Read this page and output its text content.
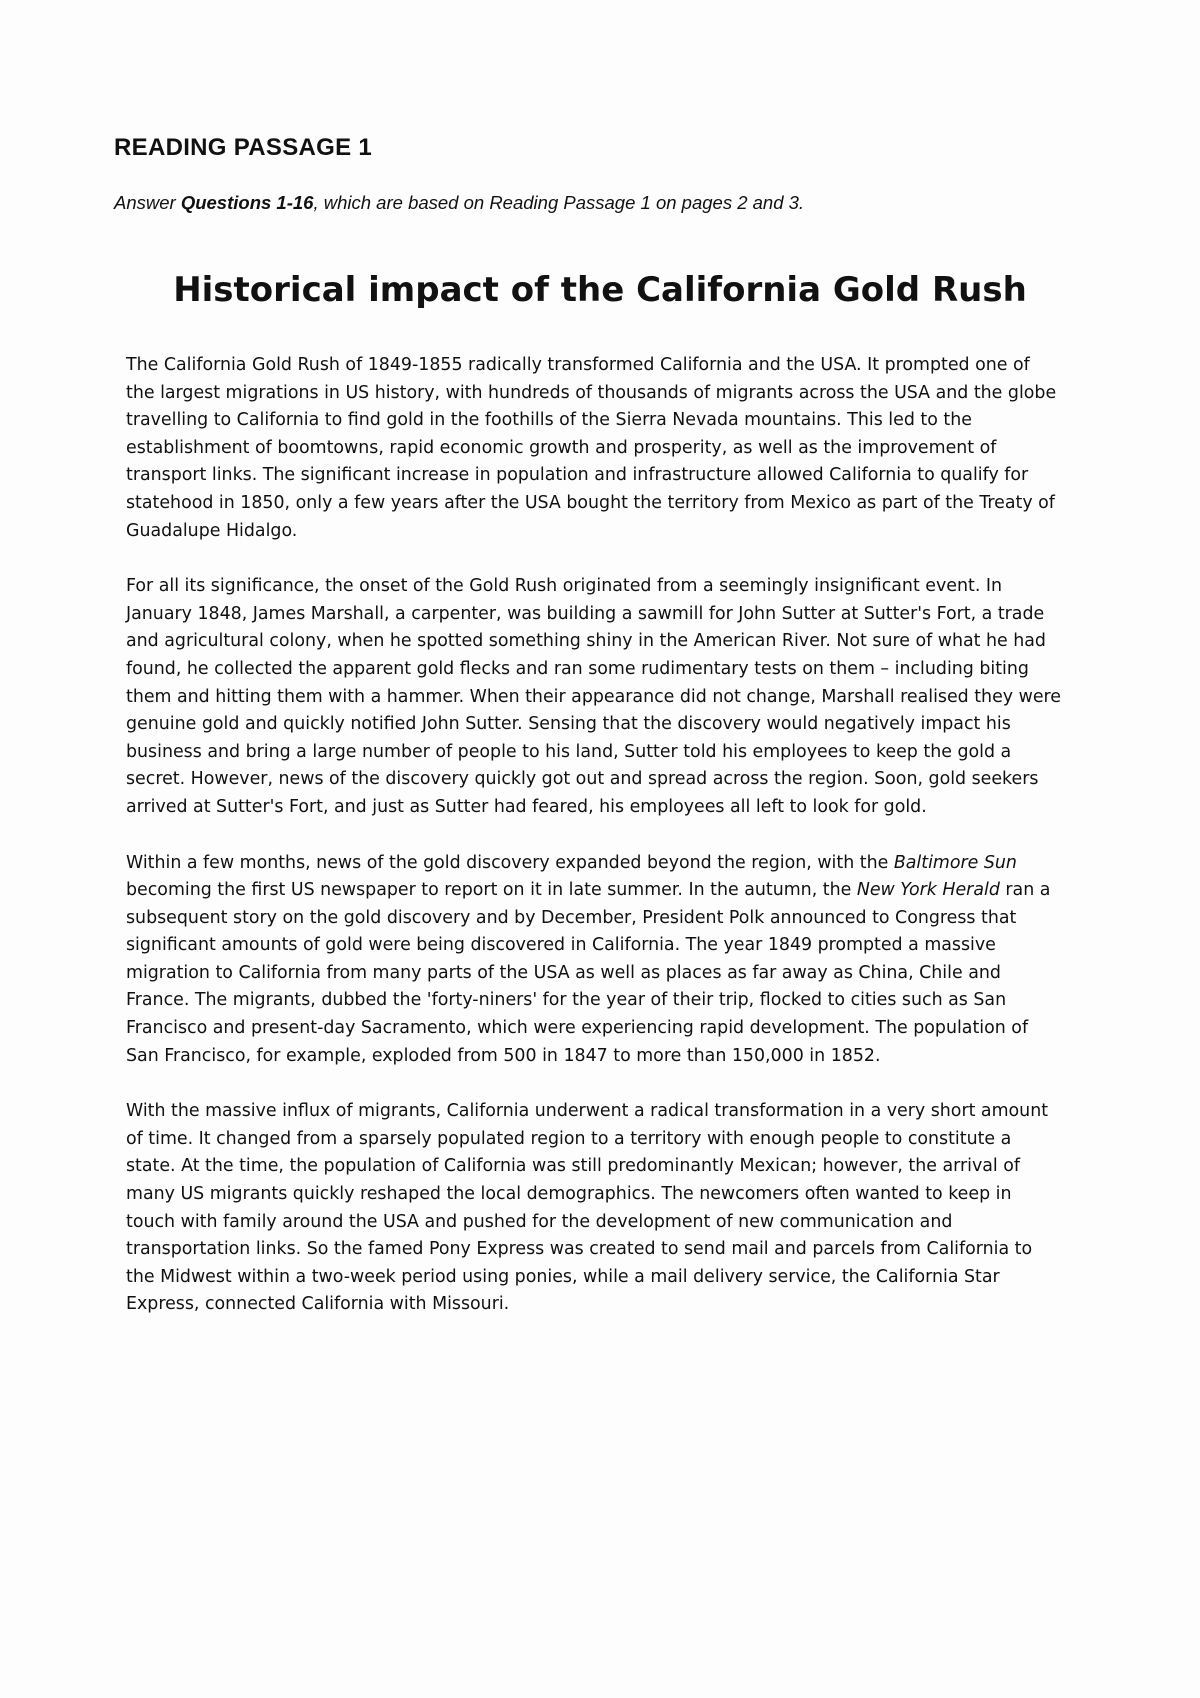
READING PASSAGE 1

Answer Questions 1-16, which are based on Reading Passage 1 on pages 2 and 3.

Historical impact of the California Gold Rush

The California Gold Rush of 1849-1855 radically transformed California and the USA. It prompted one of the largest migrations in US history, with hundreds of thousands of migrants across the USA and the globe travelling to California to find gold in the foothills of the Sierra Nevada mountains. This led to the establishment of boomtowns, rapid economic growth and prosperity, as well as the improvement of transport links. The significant increase in population and infrastructure allowed California to qualify for statehood in 1850, only a few years after the USA bought the territory from Mexico as part of the Treaty of Guadalupe Hidalgo.

For all its significance, the onset of the Gold Rush originated from a seemingly insignificant event. In January 1848, James Marshall, a carpenter, was building a sawmill for John Sutter at Sutter's Fort, a trade and agricultural colony, when he spotted something shiny in the American River. Not sure of what he had found, he collected the apparent gold flecks and ran some rudimentary tests on them – including biting them and hitting them with a hammer. When their appearance did not change, Marshall realised they were genuine gold and quickly notified John Sutter. Sensing that the discovery would negatively impact his business and bring a large number of people to his land, Sutter told his employees to keep the gold a secret. However, news of the discovery quickly got out and spread across the region. Soon, gold seekers arrived at Sutter's Fort, and just as Sutter had feared, his employees all left to look for gold.

Within a few months, news of the gold discovery expanded beyond the region, with the Baltimore Sun becoming the first US newspaper to report on it in late summer. In the autumn, the New York Herald ran a subsequent story on the gold discovery and by December, President Polk announced to Congress that significant amounts of gold were being discovered in California. The year 1849 prompted a massive migration to California from many parts of the USA as well as places as far away as China, Chile and France. The migrants, dubbed the 'forty-niners' for the year of their trip, flocked to cities such as San Francisco and present-day Sacramento, which were experiencing rapid development. The population of San Francisco, for example, exploded from 500 in 1847 to more than 150,000 in 1852.

With the massive influx of migrants, California underwent a radical transformation in a very short amount of time. It changed from a sparsely populated region to a territory with enough people to constitute a state. At the time, the population of California was still predominantly Mexican; however, the arrival of many US migrants quickly reshaped the local demographics. The newcomers often wanted to keep in touch with family around the USA and pushed for the development of new communication and transportation links. So the famed Pony Express was created to send mail and parcels from California to the Midwest within a two-week period using ponies, while a mail delivery service, the California Star Express, connected California with Missouri.
